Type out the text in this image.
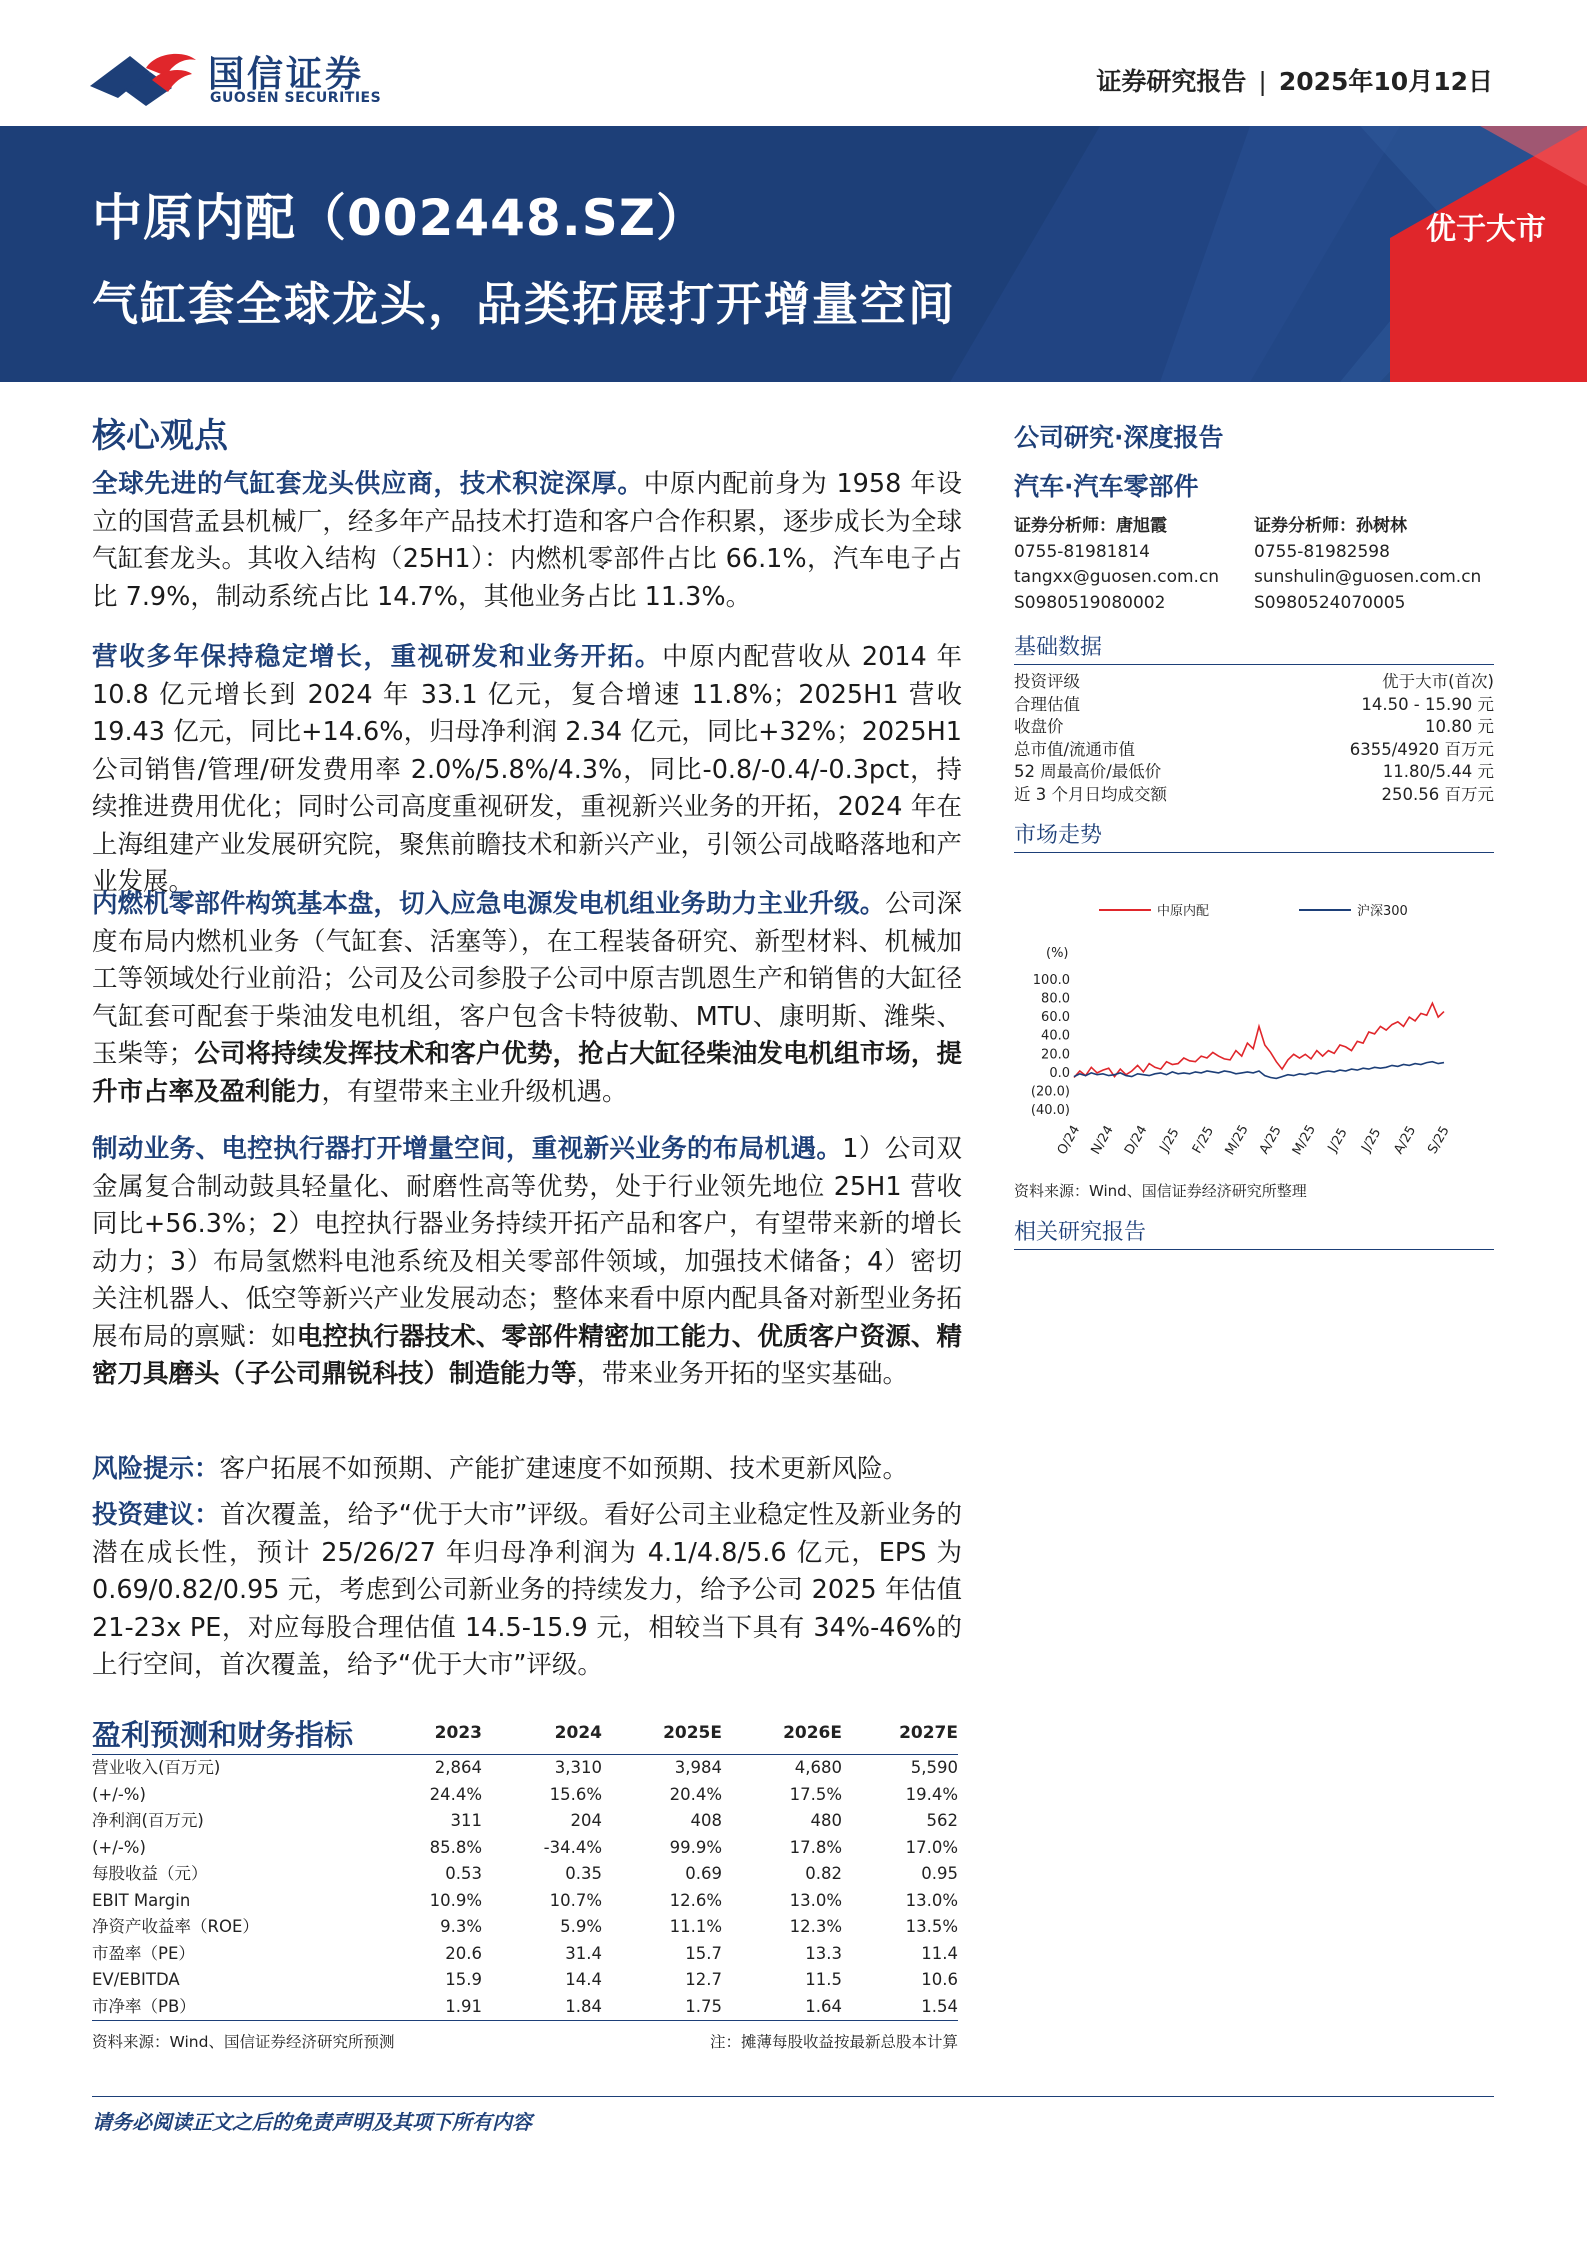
国信证券
GUOSEN SECURITIES
证券研究报告 | 2025年10月12日
中原内配（002448.SZ）
气缸套全球龙头，品类拓展打开增量空间
优于大市
核心观点
全球先进的气缸套龙头供应商，技术积淀深厚。中原内配前身为 1958 年设立的国营孟县机械厂，经多年产品技术打造和客户合作积累，逐步成长为全球气缸套龙头。其收入结构（25H1）：内燃机零部件占比 66.1%，汽车电子占比 7.9%，制动系统占比 14.7%，其他业务占比 11.3%。
营收多年保持稳定增长，重视研发和业务开拓。中原内配营收从 2014 年 10.8 亿元增长到 2024 年 33.1 亿元，复合增速 11.8%；2025H1 营收 19.43 亿元，同比+14.6%，归母净利润 2.34 亿元，同比+32%；2025H1 公司销售/管理/研发费用率 2.0%/5.8%/4.3%，同比-0.8/-0.4/-0.3pct，持续推进费用优化；同时公司高度重视研发，重视新兴业务的开拓，2024 年在上海组建产业发展研究院，聚焦前瞻技术和新兴产业，引领公司战略落地和产业发展。
内燃机零部件构筑基本盘，切入应急电源发电机组业务助力主业升级。公司深度布局内燃机业务（气缸套、活塞等），在工程装备研究、新型材料、机械加工等领域处行业前沿；公司及公司参股子公司中原吉凯恩生产和销售的大缸径气缸套可配套于柴油发电机组，客户包含卡特彼勒、MTU、康明斯、潍柴、玉柴等；公司将持续发挥技术和客户优势，抢占大缸径柴油发电机组市场，提升市占率及盈利能力，有望带来主业升级机遇。
制动业务、电控执行器打开增量空间，重视新兴业务的布局机遇。1）公司双金属复合制动鼓具轻量化、耐磨性高等优势，处于行业领先地位 25H1 营收同比+56.3%；2）电控执行器业务持续开拓产品和客户，有望带来新的增长动力；3）布局氢燃料电池系统及相关零部件领域，加强技术储备；4）密切关注机器人、低空等新兴产业发展动态；整体来看中原内配具备对新型业务拓展布局的禀赋：如电控执行器技术、零部件精密加工能力、优质客户资源、精密刀具磨头（子公司鼎锐科技）制造能力等，带来业务开拓的坚实基础。
风险提示：客户拓展不如预期、产能扩建速度不如预期、技术更新风险。
投资建议：首次覆盖，给予“优于大市”评级。看好公司主业稳定性及新业务的潜在成长性，预计 25/26/27 年归母净利润为 4.1/4.8/5.6 亿元，EPS 为 0.69/0.82/0.95 元，考虑到公司新业务的持续发力，给予公司 2025 年估值 21-23x PE，对应每股合理估值 14.5-15.9 元，相较当下具有 34%-46%的上行空间，首次覆盖，给予“优于大市”评级。
公司研究·深度报告
汽车·汽车零部件
证券分析师：唐旭霞
0755-81981814
tangxx@guosen.com.cn
S0980519080002
证券分析师：孙树林
0755-81982598
sunshulin@guosen.com.cn
S0980524070005
基础数据
投资评级	优于大市(首次)
合理估值	14.50 - 15.90 元
收盘价	10.80 元
总市值/流通市值	6355/4920 百万元
52 周最高价/最低价	11.80/5.44 元
近 3 个月日均成交额	250.56 百万元
市场走势
中原内配	沪深300
(%)
100.0
80.0
60.0
40.0
20.0
0.0
(20.0)
(40.0)
O/24 N/24 D/24 J/25 F/25 M/25 A/25 M/25 J/25 J/25 A/25 S/25
资料来源：Wind、国信证券经济研究所整理
相关研究报告
盈利预测和财务指标	2023	2024	2025E	2026E	2027E
营业收入(百万元)	2,864	3,310	3,984	4,680	5,590
(+/-%)	24.4%	15.6%	20.4%	17.5%	19.4%
净利润(百万元)	311	204	408	480	562
(+/-%)	85.8%	-34.4%	99.9%	17.8%	17.0%
每股收益（元）	0.53	0.35	0.69	0.82	0.95
EBIT Margin	10.9%	10.7%	12.6%	13.0%	13.0%
净资产收益率（ROE）	9.3%	5.9%	11.1%	12.3%	13.5%
市盈率（PE）	20.6	31.4	15.7	13.3	11.4
EV/EBITDA	15.9	14.4	12.7	11.5	10.6
市净率（PB）	1.91	1.84	1.75	1.64	1.54
资料来源：Wind、国信证券经济研究所预测	注：摊薄每股收益按最新总股本计算
请务必阅读正文之后的免责声明及其项下所有内容
